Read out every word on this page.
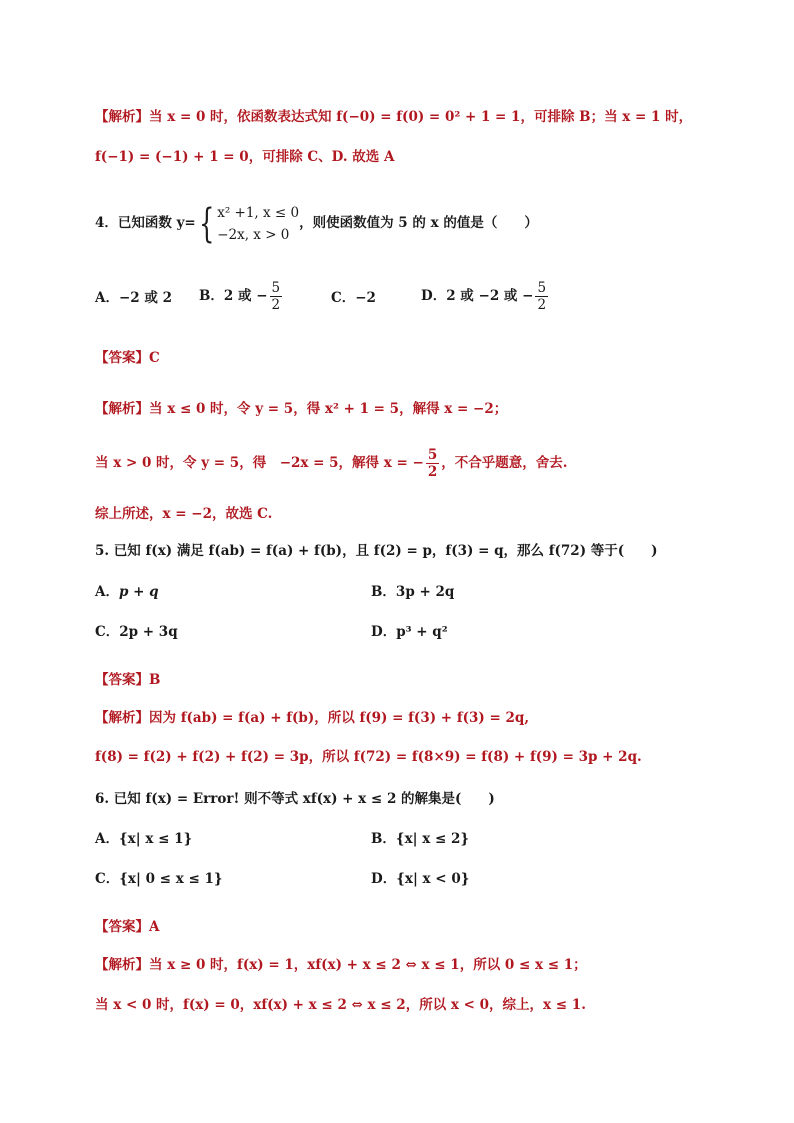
【解析】当 x = 0 时，依函数表达式知 f(−0) = f(0) = 0² + 1 = 1，可排除 B；当 x = 1 时，
f(−1) = (−1) + 1 = 0，可排除 C、D. 故选 A
4．已知函数 y={ x² +1, x ≤ 0
−2x, x > 0
，则使函数值为 5 的 x 的值是（　　）
A．−2 或 2 B．2 或 − $\frac{5}{2}$	C．−2	D．2 或 −2 或 − $\frac{5}{2}$
【答案】C
【解析】当 x ≤ 0 时，令 y = 5，得 x² + 1 = 5，解得 x = −2；
当 x > 0 时，令 y = 5，得　−2x = 5，解得 x = − $\frac{5}{2}$ ，不合乎题意，舍去.
综上所述，x = −2，故选 C.
5. 已知 f(x) 满足 f(ab) = f(a) + f(b)，且 f(2) = p，f(3) = q，那么 f(72) 等于(　　)
A．p + q	B．3p + 2q
C．2p + 3q	D．p³ + q²
【答案】B
【解析】因为 f(ab) = f(a) + f(b)，所以 f(9) = f(3) + f(3) = 2q,
f(8) = f(2) + f(2) + f(2) = 3p，所以 f(72) = f(8×9) = f(8) + f(9) = 3p + 2q.
6. 已知 f(x) = Error! 则不等式 xf(x) + x ≤ 2 的解集是(　　)
A．{x| x ≤ 1}	B．{x| x ≤ 2}
C．{x| 0 ≤ x ≤ 1}	D．{x| x < 0}
【答案】A
【解析】当 x ≥ 0 时，f(x) = 1，xf(x) + x ≤ 2 ⇔ x ≤ 1，所以 0 ≤ x ≤ 1；
当 x < 0 时，f(x) = 0，xf(x) + x ≤ 2 ⇔ x ≤ 2，所以 x < 0，综上，x ≤ 1.
